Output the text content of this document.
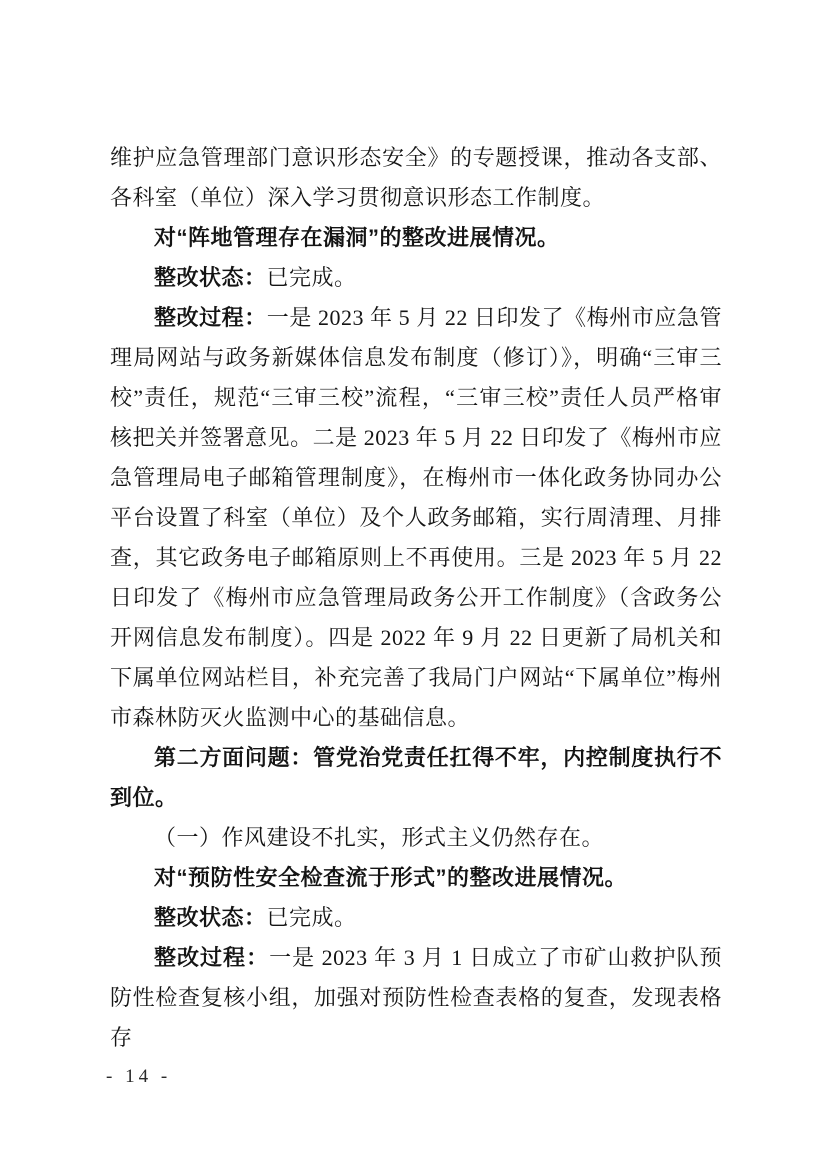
维护应急管理部门意识形态安全》的专题授课，推动各支部、各科室（单位）深入学习贯彻意识形态工作制度。

对“阵地管理存在漏洞”的整改进展情况。

整改状态：已完成。

整改过程：一是 2023 年 5 月 22 日印发了《梅州市应急管理局网站与政务新媒体信息发布制度（修订）》，明确“三审三校”责任，规范“三审三校”流程，“三审三校”责任人员严格审核把关并签署意见。二是 2023 年 5 月 22 日印发了《梅州市应急管理局电子邮箱管理制度》，在梅州市一体化政务协同办公平台设置了科室（单位）及个人政务邮箱，实行周清理、月排查，其它政务电子邮箱原则上不再使用。三是 2023 年 5 月 22 日印发了《梅州市应急管理局政务公开工作制度》（含政务公开网信息发布制度）。四是 2022 年 9 月 22 日更新了局机关和下属单位网站栏目，补充完善了我局门户网站“下属单位”梅州市森林防灭火监测中心的基础信息。

第二方面问题：管党治党责任扛得不牢，内控制度执行不到位。

（一）作风建设不扎实，形式主义仍然存在。

对“预防性安全检查流于形式”的整改进展情况。

整改状态：已完成。

整改过程：一是 2023 年 3 月 1 日成立了市矿山救护队预防性检查复核小组，加强对预防性检查表格的复查，发现表格存

- 14 -
